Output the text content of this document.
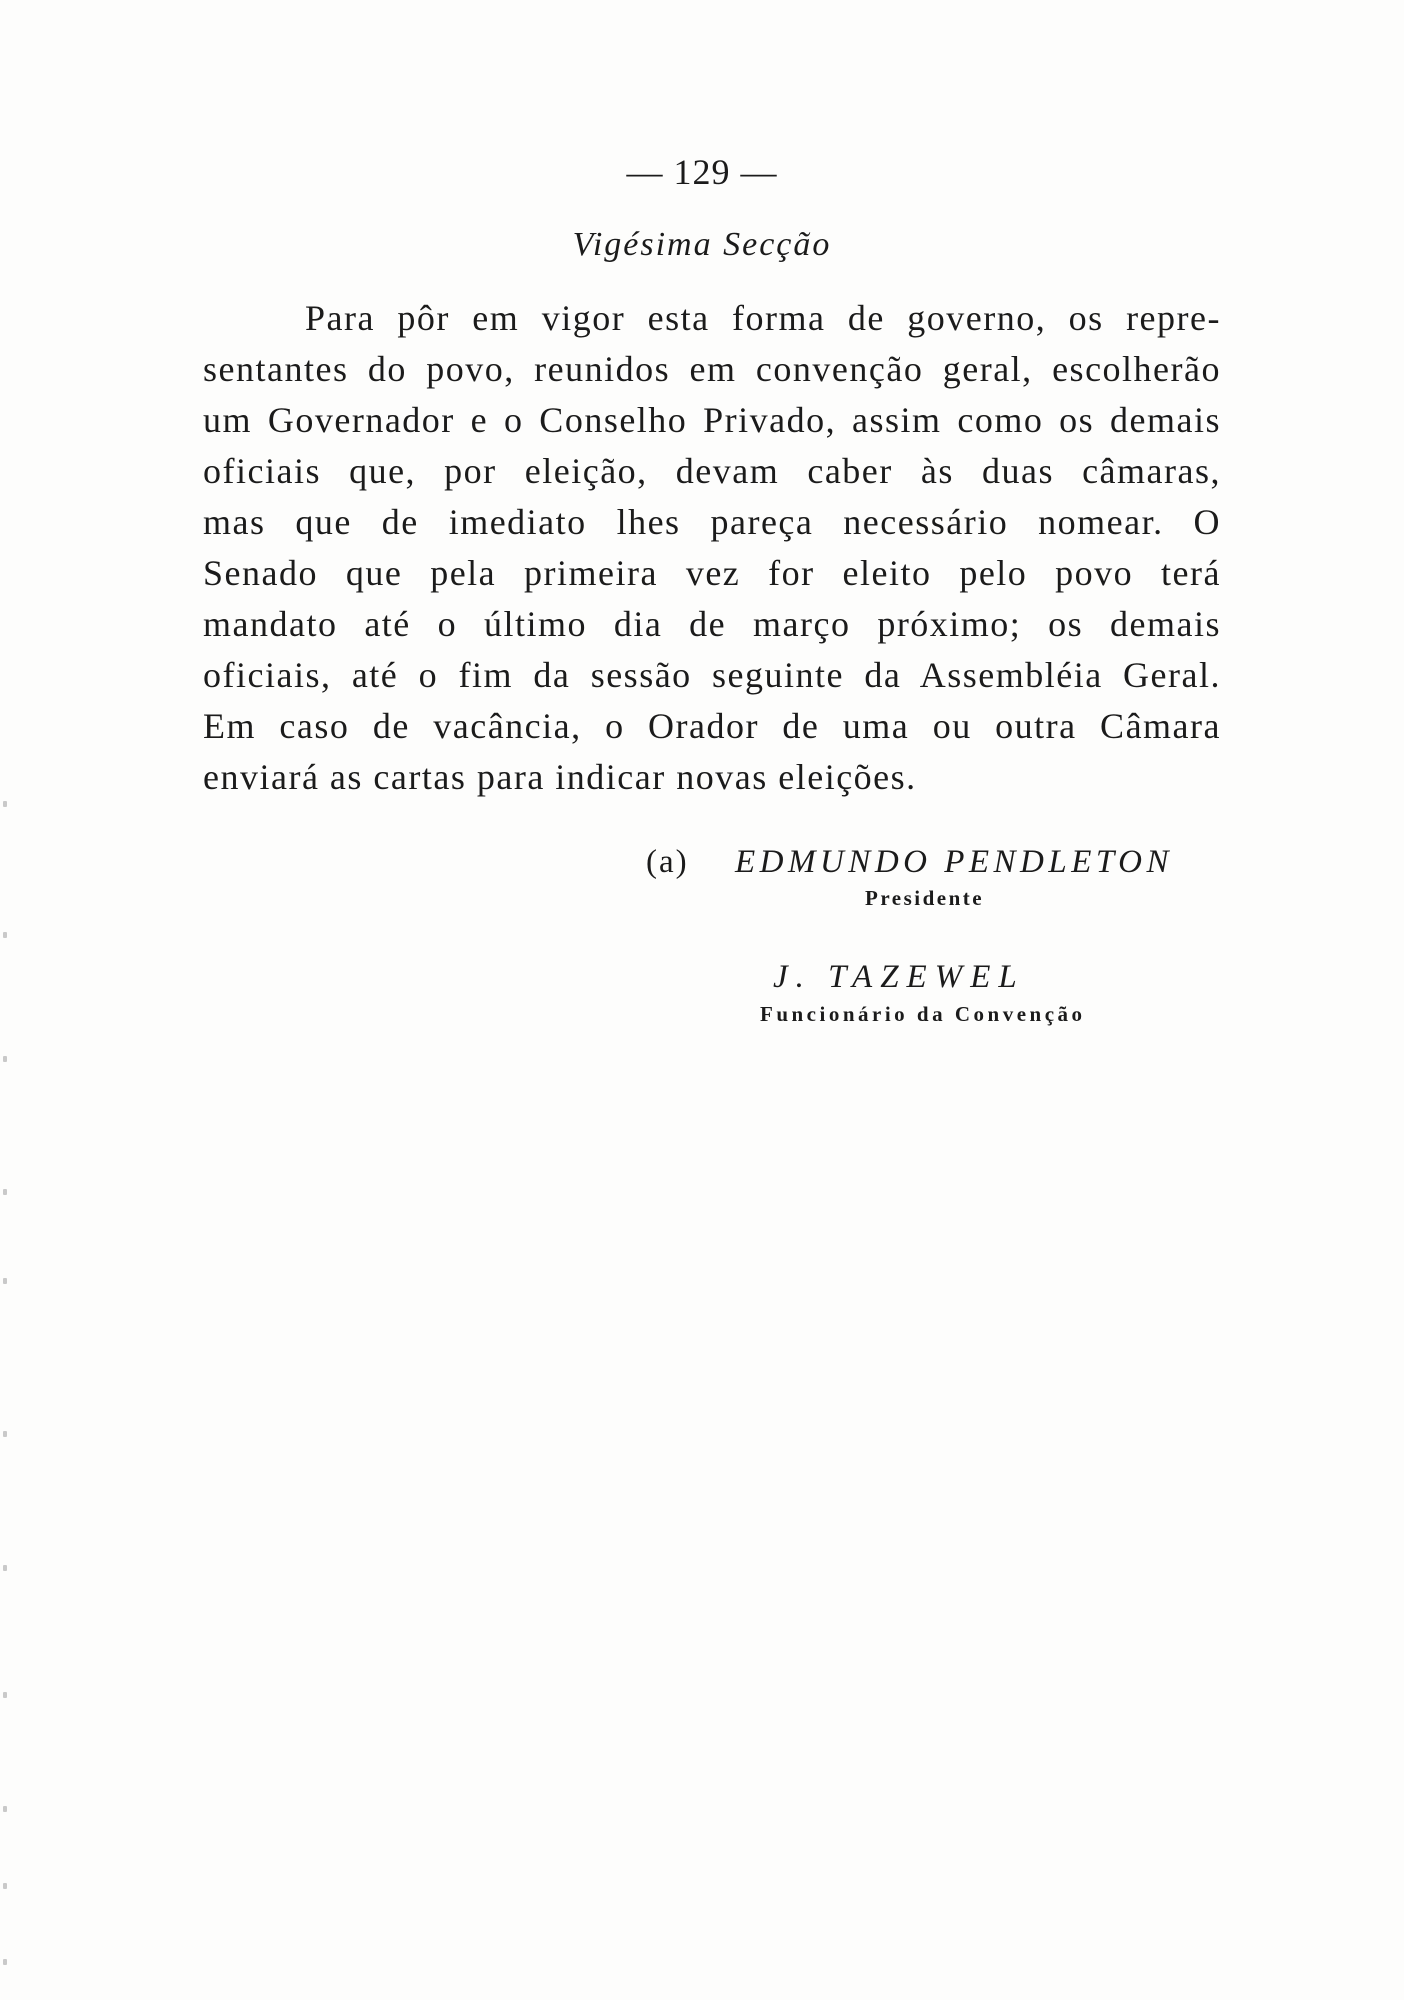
— 129 —
Vigésima Secção
Para pôr em vigor esta forma de governo, os repre-
sentantes do povo, reunidos em convenção geral, escolherão
um Governador e o Conselho Privado, assim como os demais
oficiais que, por eleição, devam caber às duas câmaras,
mas que de imediato lhes pareça necessário nomear. O
Senado que pela primeira vez for eleito pelo povo terá
mandato até o último dia de março próximo; os demais
oficiais, até o fim da sessão seguinte da Assembléia Geral.
Em caso de vacância, o Orador de uma ou outra Câmara
enviará as cartas para indicar novas eleições.
(a) EDMUNDO PENDLETON
Presidente
J. TAZEWEL
Funcionário da Convenção
